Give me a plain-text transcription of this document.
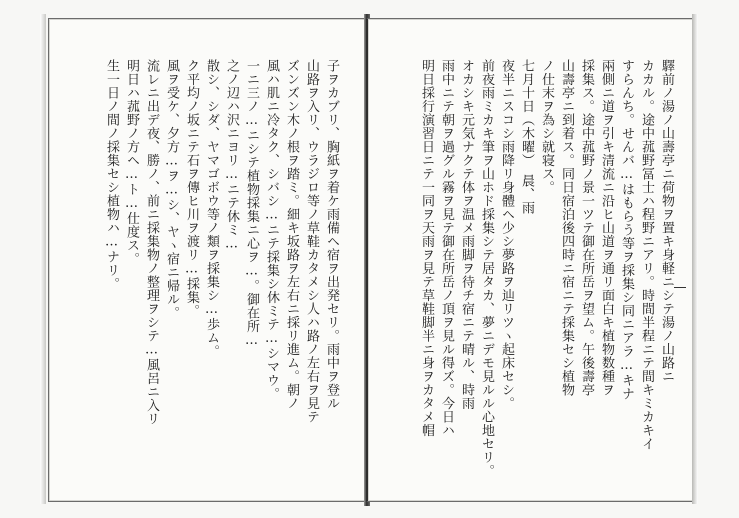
子ヲカブリ、胸紙ヲ着ケ雨備ヘ宿ヲ出発セリ。雨中ヲ登ル
山路ヲ入リ、ウラジロ等ノ草鞋カタメシ人ハ路ノ左右ヲ見テ
ズンズン木ノ根ヲ踏ミ。細キ坂路ヲ左右ニ採リ進ム。朝ノ
風ハ肌ニ冷タク、シバシ…ニテ採集シ休ミテ…シマウ。
一ニ三ノ…ニシテ植物採集ニ心ヲ…。御在所…
之ノ辺ハ沢ニヨリ…ニテ休ミ…
散シ、シダ、ヤマゴボウ等ノ類ヲ採集シ…歩ム。
ク平均ノ坂ニテ石ヲ傳ヒ川ヲ渡リ…採集。
風ヲ受ケ、夕方…ヲ…シ、ヤヽ宿ニ帰ル。
流レニ出デ夜、勝ノ、前ニ採集物ノ整理ヲシテ…風呂ニ入リ
明日ハ菰野ノ方ヘ…ト…仕度ス。
生一日ノ間ノ採集セシ植物ハ…ナリ。	驛前ノ湯ノ山壽亭ニ荷物ヲ置キ身軽ニシテ湯ノ山路ニ
カカル。途中菰野冨士ハ程野ニアリ。時間半程ニテ間キミカキイ
すらんち。せんバ…はもらう等ヲ採集シ同ニアラ…キナ
兩側ニ道ヲ引キ清流ニ沿ヒ山道ヲ通リ面白キ植物数種ヲ
採集ス。途中菰野ノ景一ツテ御在所岳ヲ望ム。午後壽亭
山壽亭ニ到着ス。同日宿泊後四時ニ宿ニテ採集セシ植物
ノ仕末ヲ為シ就寝ス。
七月十日（木曜）　晨、雨
夜半ニスコシ雨降リ身體ヘ少シ夢路ヲ辿リツヽ起床セシ。
前夜雨ミカキ筆ヲ山ホド採集シテ居タカ、夢ニデモ見ルル心地セリ。
オカシキ元気ナクテ体ヲ温メ雨脚ヲ待チ宿ニテ晴ル、時雨
雨中ニテ朝ヲ過グル霧ヲ見テ御在所岳ノ頂ヲ見ル得ズ。今日ハ
明日採行演習日ニテ一同ヲ天雨ヲ見テ草鞋脚半ニ身ヲカタメ帽
